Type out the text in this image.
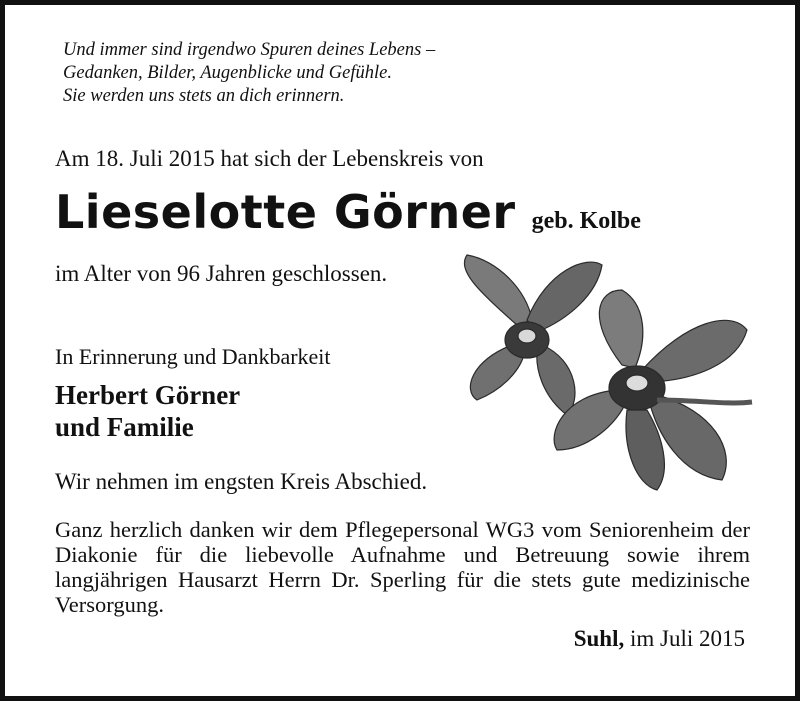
Und immer sind irgendwo Spuren deines Lebens –
Gedanken, Bilder, Augenblicke und Gefühle.
Sie werden uns stets an dich erinnern.
Am 18. Juli 2015 hat sich der Lebenskreis von
Lieselotte Görner geb. Kolbe
im Alter von 96 Jahren geschlossen.
In Erinnerung und Dankbarkeit
Herbert Görner
und Familie
Wir nehmen im engsten Kreis Abschied.
Ganz herzlich danken wir dem Pflegepersonal WG3 vom Seniorenheim der Diakonie für die liebevolle Aufnahme und Betreuung sowie ihrem langjährigen Hausarzt Herrn Dr. Sperling für die stets gute medizinische Versorgung.
Suhl, im Juli 2015
